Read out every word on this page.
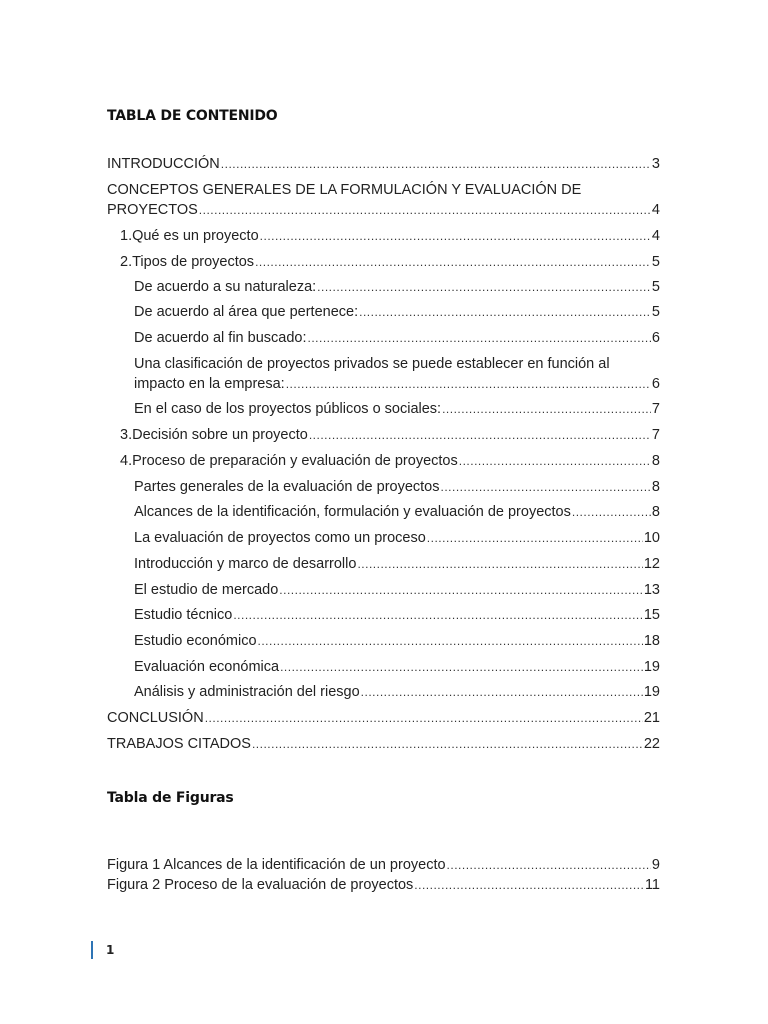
TABLA DE CONTENIDO
INTRODUCCIÓN .....	3
CONCEPTOS GENERALES DE LA FORMULACIÓN Y EVALUACIÓN DE
PROYECTOS .....	4
1. Qué es un proyecto .....	4
2. Tipos de proyectos .....	5
De acuerdo a su naturaleza: .....	5
De acuerdo al área que pertenece: .....	5
De acuerdo al fin buscado: .....	6
Una clasificación de proyectos privados se puede establecer en función al
impacto en la empresa: .....	6
En el caso de los proyectos públicos o sociales: .....	7
3. Decisión sobre un proyecto .....	7
4. Proceso de preparación y evaluación de proyectos .....	8
Partes generales de la evaluación de proyectos .....	8
Alcances de la identificación, formulación y evaluación de proyectos .....	8
La evaluación de proyectos como un proceso .....	10
Introducción y marco de desarrollo .....	12
El estudio de mercado .....	13
Estudio técnico .....	15
Estudio económico .....	18
Evaluación económica .....	19
Análisis y administración del riesgo .....	19
CONCLUSIÓN .....	21
TRABAJOS CITADOS .....	22
Tabla de Figuras
Figura 1 Alcances de la identificación de un proyecto .....	9
Figura 2 Proceso de la evaluación de proyectos .....	11
1
